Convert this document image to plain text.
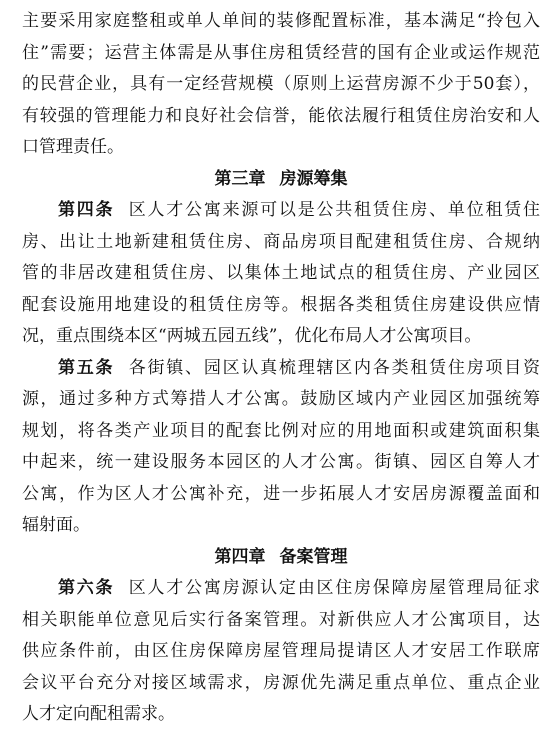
主要采用家庭整租或单人单间的装修配置标准，基本满足“拎包入
住”需要；运营主体需是从事住房租赁经营的国有企业或运作规范
的民营企业，具有一定经营规模（原则上运营房源不少于50套），
有较强的管理能力和良好社会信誉，能依法履行租赁住房治安和人
口管理责任。
第三章 房源筹集
第四条 区人才公寓来源可以是公共租赁住房、单位租赁住
房、出让土地新建租赁住房、商品房项目配建租赁住房、合规纳
管的非居改建租赁住房、以集体土地试点的租赁住房、产业园区
配套设施用地建设的租赁住房等。根据各类租赁住房建设供应情
况，重点围绕本区“两城五园五线”，优化布局人才公寓项目。
第五条 各街镇、园区认真梳理辖区内各类租赁住房项目资
源，通过多种方式筹措人才公寓。鼓励区域内产业园区加强统筹
规划，将各类产业项目的配套比例对应的用地面积或建筑面积集
中起来，统一建设服务本园区的人才公寓。街镇、园区自筹人才
公寓，作为区人才公寓补充，进一步拓展人才安居房源覆盖面和
辐射面。
第四章 备案管理
第六条 区人才公寓房源认定由区住房保障房屋管理局征求
相关职能单位意见后实行备案管理。对新供应人才公寓项目，达
供应条件前，由区住房保障房屋管理局提请区人才安居工作联席
会议平台充分对接区域需求，房源优先满足重点单位、重点企业
人才定向配租需求。
